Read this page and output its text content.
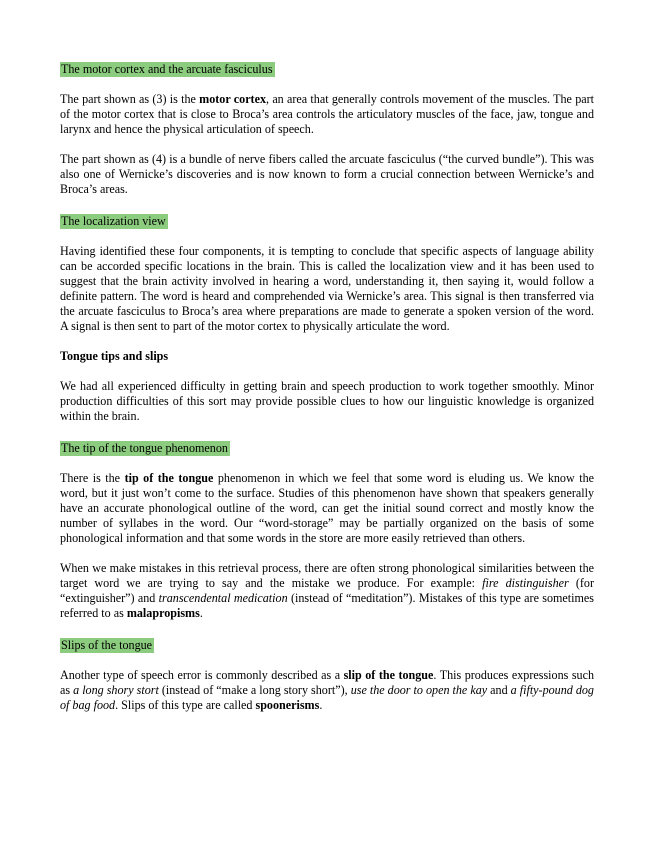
The motor cortex and the arcuate fasciculus

The part shown as (3) is the motor cortex, an area that generally controls movement of the muscles. The part of the motor cortex that is close to Broca’s area controls the articulatory muscles of the face, jaw, tongue and larynx and hence the physical articulation of speech.

The part shown as (4) is a bundle of nerve fibers called the arcuate fasciculus (“the curved bundle”). This was also one of Wernicke’s discoveries and is now known to form a crucial connection between Wernicke’s and Broca’s areas.

The localization view

Having identified these four components, it is tempting to conclude that specific aspects of language ability can be accorded specific locations in the brain. This is called the localization view and it has been used to suggest that the brain activity involved in hearing a word, understanding it, then saying it, would follow a definite pattern. The word is heard and comprehended via Wernicke’s area. This signal is then transferred via the arcuate fasciculus to Broca’s area where preparations are made to generate a spoken version of the word. A signal is then sent to part of the motor cortex to physically articulate the word.

Tongue tips and slips

We had all experienced difficulty in getting brain and speech production to work together smoothly. Minor production difficulties of this sort may provide possible clues to how our linguistic knowledge is organized within the brain.

The tip of the tongue phenomenon

There is the tip of the tongue phenomenon in which we feel that some word is eluding us. We know the word, but it just won’t come to the surface. Studies of this phenomenon have shown that speakers generally have an accurate phonological outline of the word, can get the initial sound correct and mostly know the number of syllabes in the word. Our “word-storage” may be partially organized on the basis of some phonological information and that some words in the store are more easily retrieved than others.

When we make mistakes in this retrieval process, there are often strong phonological similarities between the target word we are trying to say and the mistake we produce. For example: fire distinguisher (for “extinguisher”) and transcendental medication (instead of “meditation”). Mistakes of this type are sometimes referred to as malapropisms.

Slips of the tongue

Another type of speech error is commonly described as a slip of the tongue. This produces expressions such as a long shory stort (instead of “make a long story short”), use the door to open the kay and a fifty-pound dog of bag food. Slips of this type are called spoonerisms.
